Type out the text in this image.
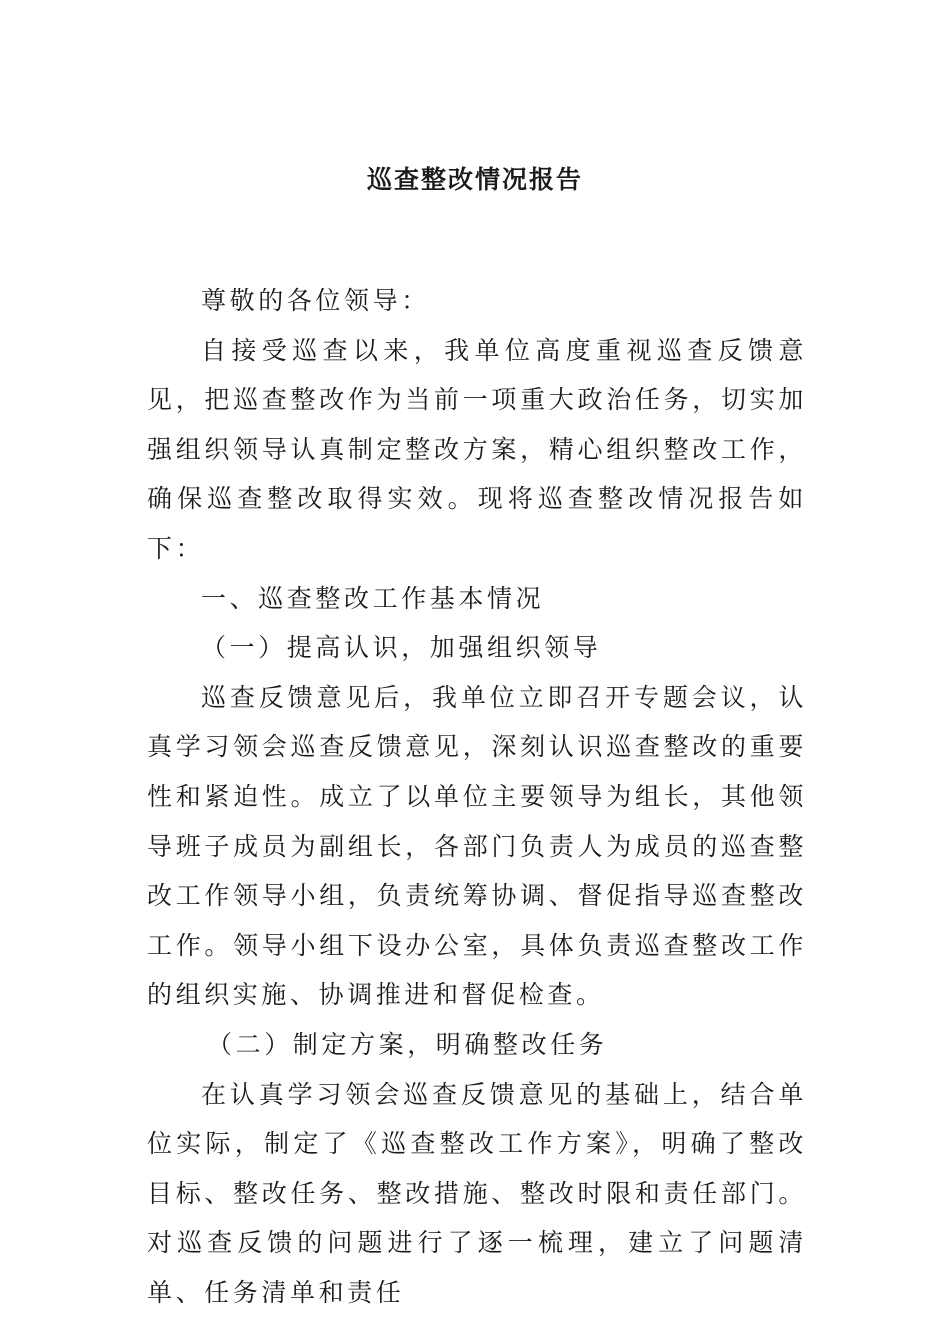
巡查整改情况报告

尊敬的各位领导：

自接受巡查以来，我单位高度重视巡查反馈意见，把巡查整改作为当前一项重大政治任务，切实加强组织领导认真制定整改方案，精心组织整改工作，确保巡查整改取得实效。现将巡查整改情况报告如下：

一、巡查整改工作基本情况

（一）提高认识，加强组织领导

巡查反馈意见后，我单位立即召开专题会议，认真学习领会巡查反馈意见，深刻认识巡查整改的重要性和紧迫性。成立了以单位主要领导为组长，其他领导班子成员为副组长，各部门负责人为成员的巡查整改工作领导小组，负责统筹协调、督促指导巡查整改工作。领导小组下设办公室，具体负责巡查整改工作的组织实施、协调推进和督促检查。

（二）制定方案，明确整改任务

在认真学习领会巡查反馈意见的基础上，结合单位实际，制定了《巡查整改工作方案》，明确了整改目标、整改任务、整改措施、整改时限和责任部门。对巡查反馈的问题进行了逐一梳理，建立了问题清单、任务清单和责任
